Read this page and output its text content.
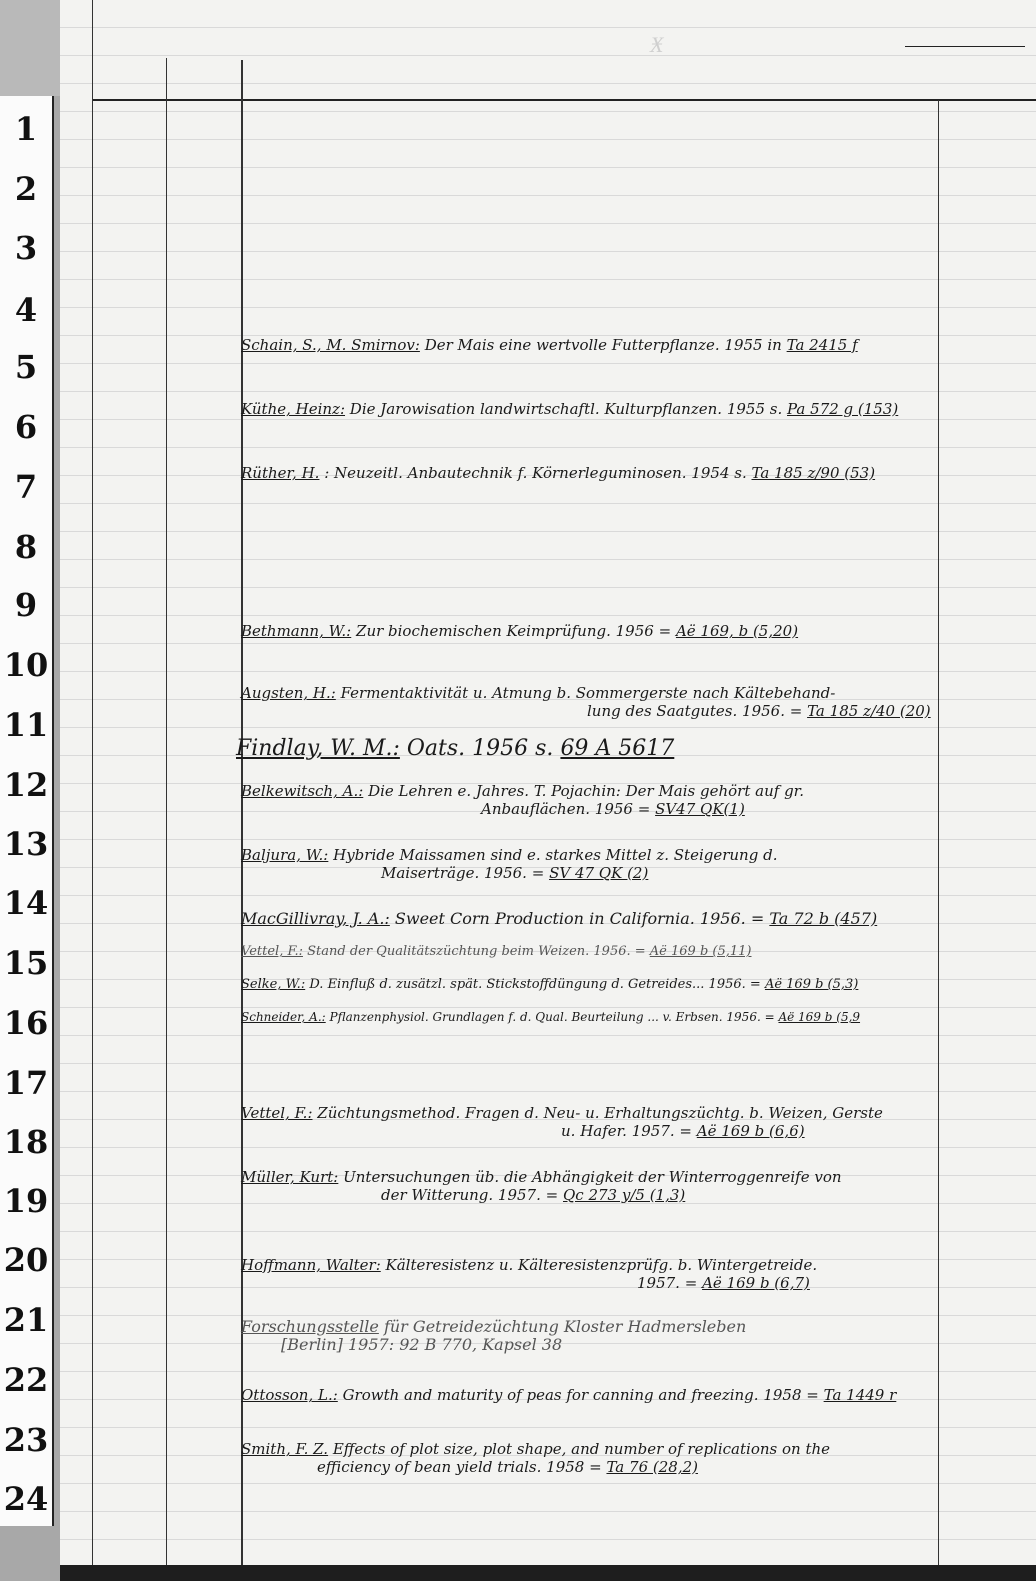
Ӿ
1
2
3
4
5
6
7
8
9
10
11
12
13
14
15
16
17
18
19
20
21
22
23
24
Schain, S., M. Smirnov: Der Mais eine wertvolle Futterpflanze. 1955 in Ta 2415 f
Küthe, Heinz: Die Jarowisation landwirtschaftl. Kulturpflanzen. 1955 s. Pa 572 g (153)
Rüther, H. : Neuzeitl. Anbautechnik f. Körnerleguminosen. 1954 s. Ta 185 z/90 (53)
Bethmann, W.: Zur biochemischen Keimprüfung. 1956 = Aë 169, b (5,20)
Augsten, H.: Fermentaktivität u. Atmung b. Sommergerste nach Kältebehand-
lung des Saatgutes. 1956. = Ta 185 z/40 (20)
Findlay, W. M.: Oats. 1956 s. 69 A 5617
Belkewitsch, A.: Die Lehren e. Jahres. T. Pojachin: Der Mais gehört auf gr.
Anbauflächen. 1956 = SV47 QK(1)
Baljura, W.: Hybride Maissamen sind e. starkes Mittel z. Steigerung d.
Maiserträge. 1956. = SV 47 QK (2)
MacGillivray, J. A.: Sweet Corn Production in California. 1956. = Ta 72 b (457)
Vettel, F.: Stand der Qualitätszüchtung beim Weizen. 1956. = Aë 169 b (5,11)
Selke, W.: D. Einfluß d. zusätzl. spät. Stickstoffdüngung d. Getreides... 1956. = Aë 169 b (5,3)
Schneider, A.: Pflanzenphysiol. Grundlagen f. d. Qual. Beurteilung ... v. Erbsen. 1956. = Aë 169 b (5,9
Vettel, F.: Züchtungsmethod. Fragen d. Neu- u. Erhaltungszüchtg. b. Weizen, Gerste
u. Hafer. 1957. = Aë 169 b (6,6)
Müller, Kurt: Untersuchungen üb. die Abhängigkeit der Winterroggenreife von
der Witterung. 1957. = Qc 273 y/5 (1,3)
Hoffmann, Walter: Kälteresistenz u. Kälteresistenzprüfg. b. Wintergetreide.
1957. = Aë 169 b (6,7)
Forschungsstelle für Getreidezüchtung Kloster Hadmersleben
[Berlin] 1957: 92 B 770, Kapsel 38
Ottosson, L.: Growth and maturity of peas for canning and freezing. 1958 = Ta 1449 r
Smith, F. Z. Effects of plot size, plot shape, and number of replications on the
efficiency of bean yield trials. 1958 = Ta 76 (28,2)
